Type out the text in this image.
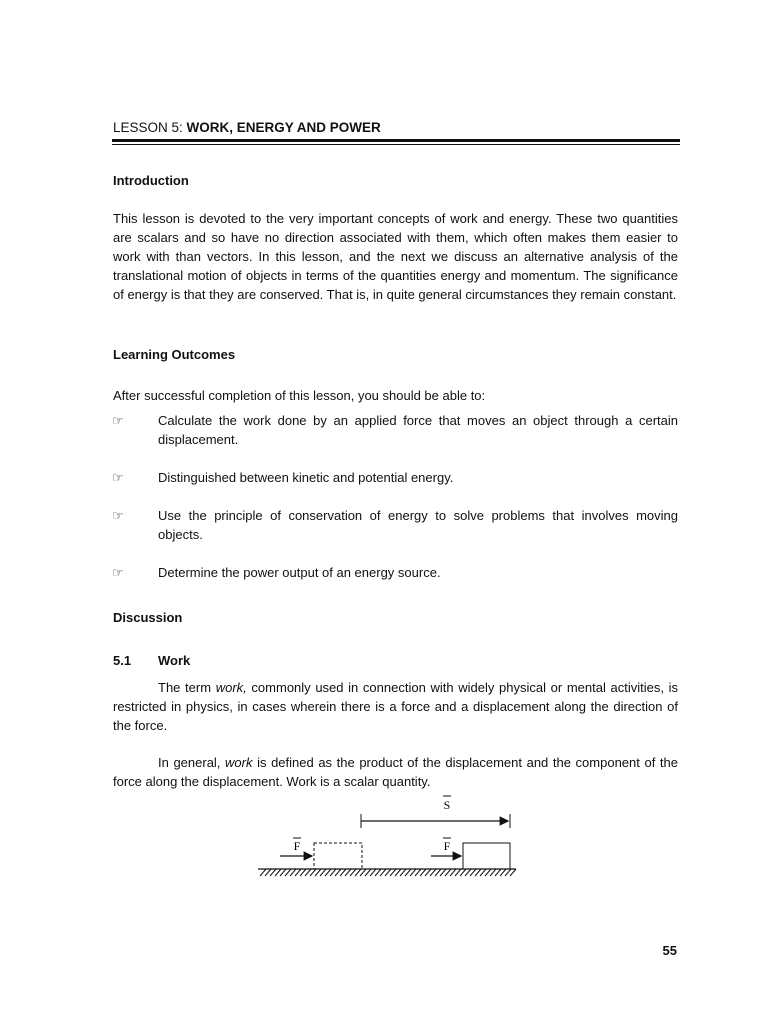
LESSON 5: WORK, ENERGY AND POWER
Introduction
This lesson is devoted to the very important concepts of work and energy. These two quantities are scalars and so have no direction associated with them, which often makes them easier to work with than vectors. In this lesson, and the next we discuss an alternative analysis of the translational motion of objects in terms of the quantities energy and momentum. The significance of energy is that they are conserved. That is, in quite general circumstances they remain constant.
Learning Outcomes
After successful completion of this lesson, you should be able to:
☞	Calculate the work done by an applied force that moves an object through a certain displacement.
☞	Distinguished between kinetic and potential energy.
☞	Use the principle of conservation of energy to solve problems that involves moving objects.
☞	Determine the power output of an energy source.
Discussion
5.1 Work
The term work, commonly used in connection with widely physical or mental activities, is restricted in physics, in cases wherein there is a force and a displacement along the direction of the force.
In general, work is defined as the product of the displacement and the component of the force along the displacement. Work is a scalar quantity.
S
F	F
55
